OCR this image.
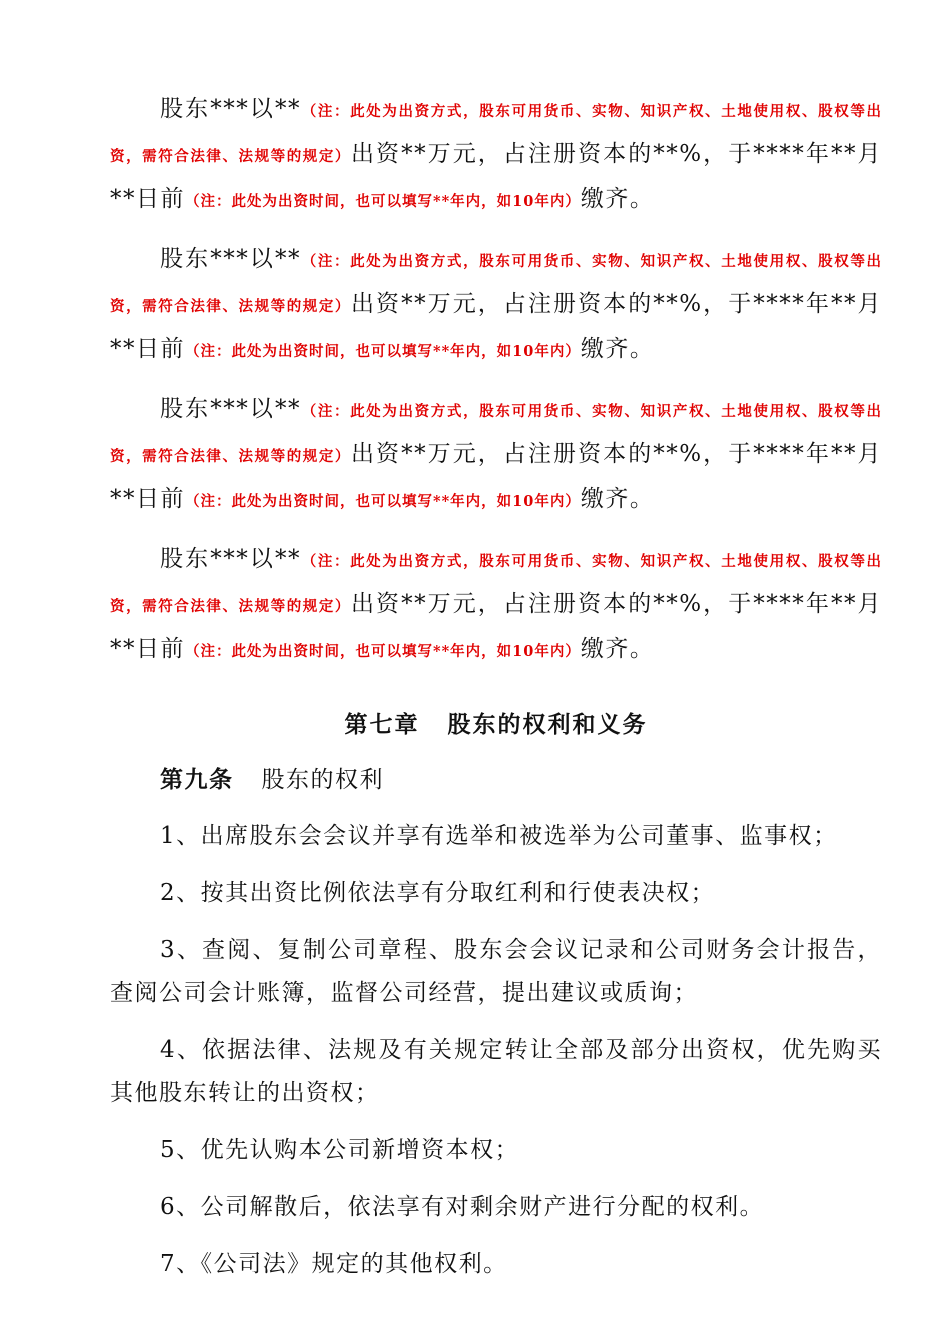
股东***以**（注：此处为出资方式，股东可用货币、实物、知识产权、土地使用权、股权等出资，需符合法律、法规等的规定）出资**万元，占注册资本的**%，于****年**月**日前（注：此处为出资时间，也可以填写**年内，如10年内）缴齐。

股东***以**（注：此处为出资方式，股东可用货币、实物、知识产权、土地使用权、股权等出资，需符合法律、法规等的规定）出资**万元，占注册资本的**%，于****年**月**日前（注：此处为出资时间，也可以填写**年内，如10年内）缴齐。

股东***以**（注：此处为出资方式，股东可用货币、实物、知识产权、土地使用权、股权等出资，需符合法律、法规等的规定）出资**万元，占注册资本的**%，于****年**月**日前（注：此处为出资时间，也可以填写**年内，如10年内）缴齐。

股东***以**（注：此处为出资方式，股东可用货币、实物、知识产权、土地使用权、股权等出资，需符合法律、法规等的规定）出资**万元，占注册资本的**%，于****年**月**日前（注：此处为出资时间，也可以填写**年内，如10年内）缴齐。

第七章 股东的权利和义务

第九条 股东的权利

1、出席股东会会议并享有选举和被选举为公司董事、监事权；

2、按其出资比例依法享有分取红利和行使表决权；

3、查阅、复制公司章程、股东会会议记录和公司财务会计报告，查阅公司会计账簿，监督公司经营，提出建议或质询；

4、依据法律、法规及有关规定转让全部及部分出资权，优先购买其他股东转让的出资权；

5、优先认购本公司新增资本权；

6、公司解散后，依法享有对剩余财产进行分配的权利。

7、《公司法》规定的其他权利。
